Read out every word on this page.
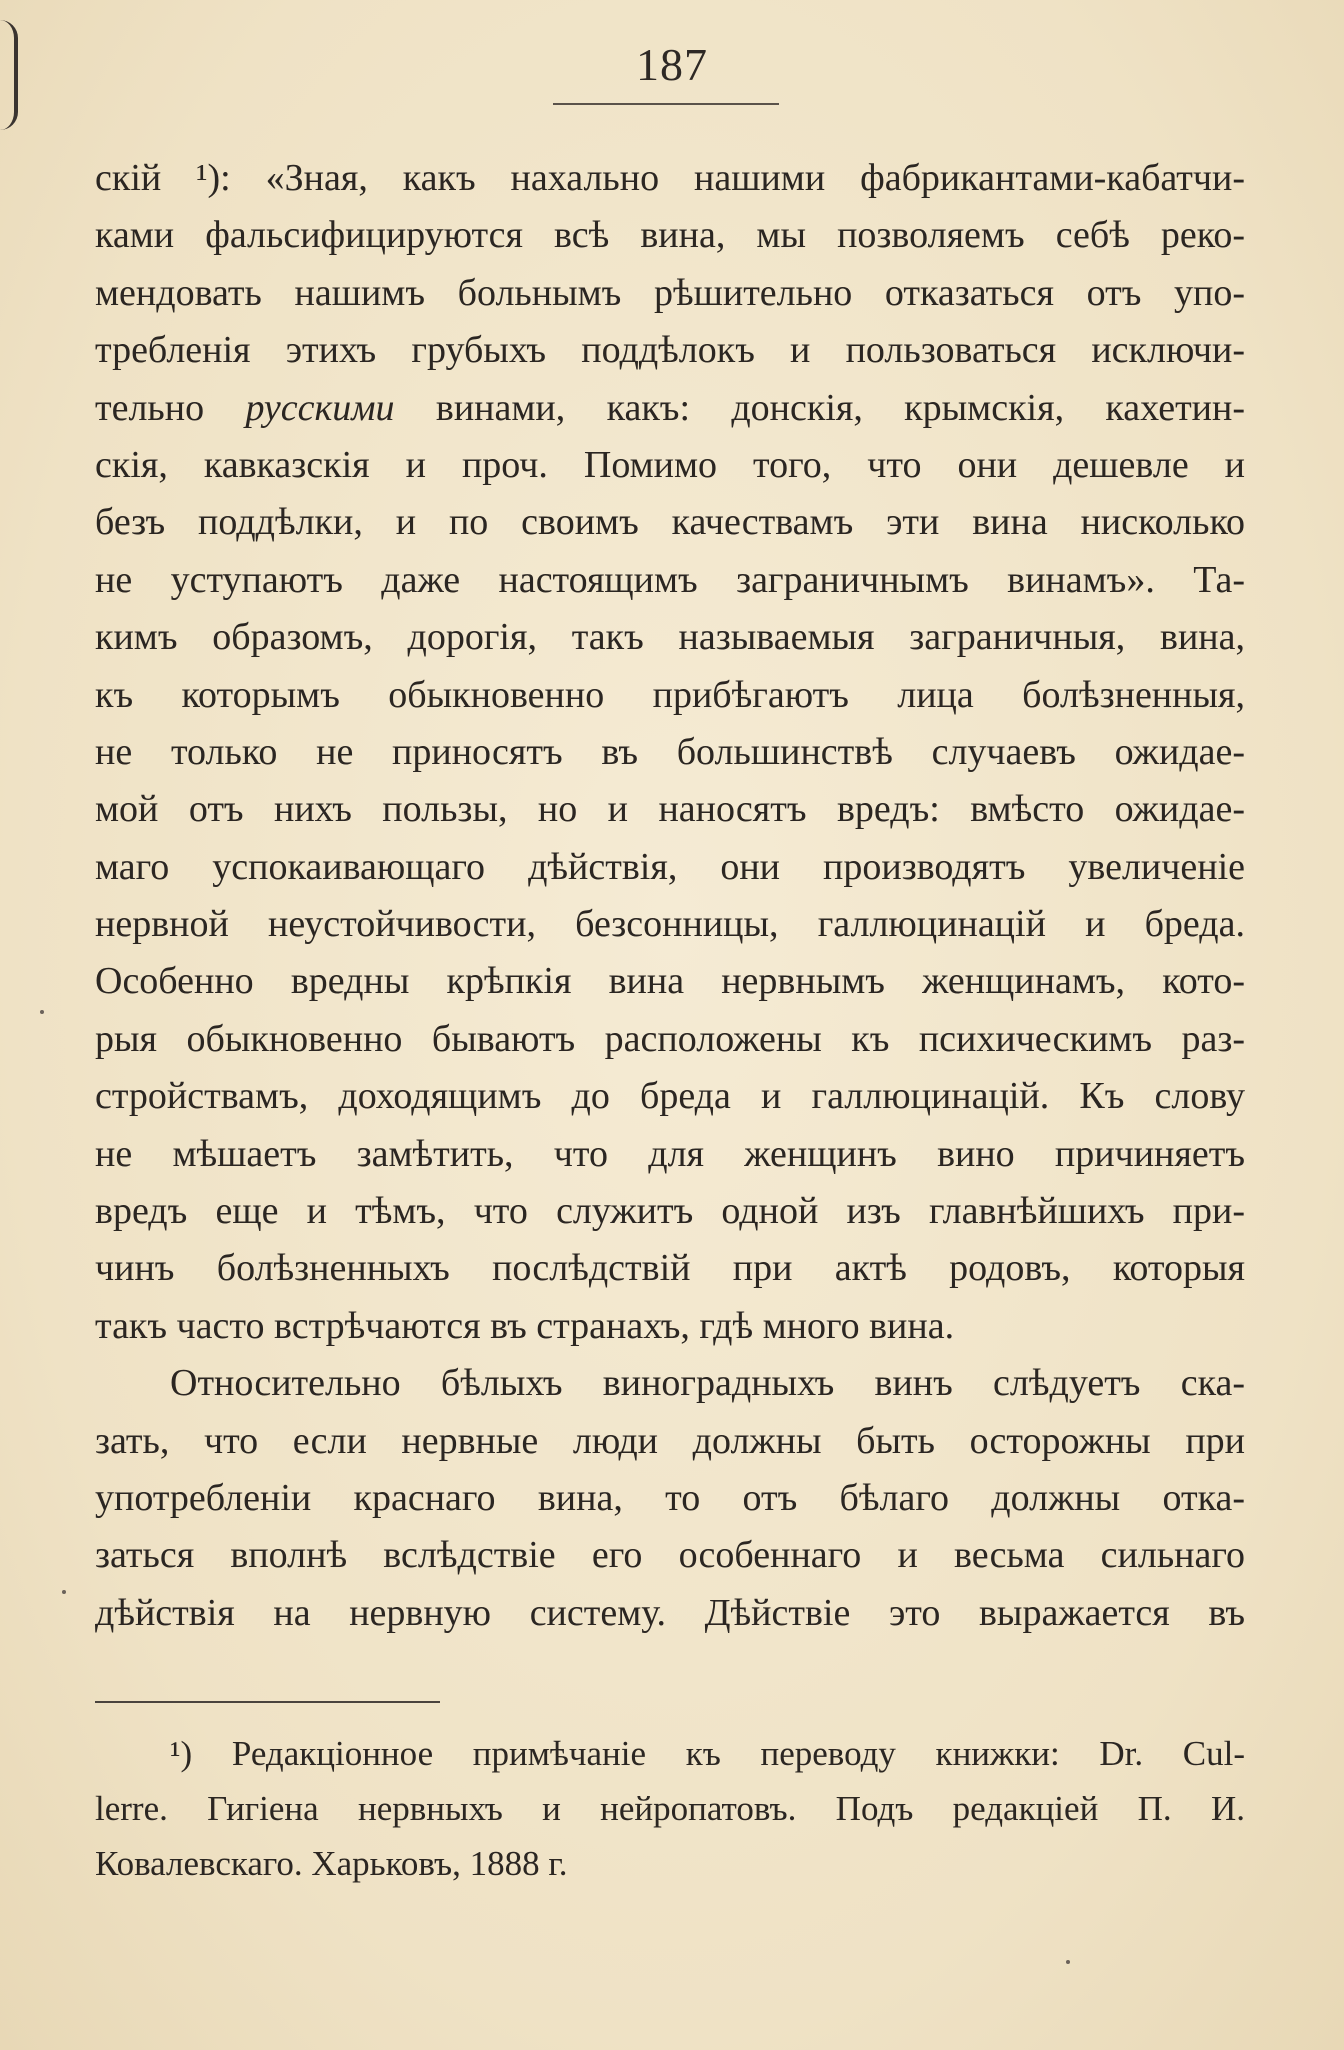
187
скій ¹): «Зная, какъ нахально нашими фабрикантами-кабатчи-
ками фальсифицируются всѣ вина, мы позволяемъ себѣ реко-
мендовать нашимъ больнымъ рѣшительно отказаться отъ упо-
требленія этихъ грубыхъ поддѣлокъ и пользоваться исключи-
тельно русскими винами, какъ: донскія, крымскія, кахетин-
скія, кавказскія и проч. Помимо того, что они дешевле и
безъ поддѣлки, и по своимъ качествамъ эти вина нисколько
не уступаютъ даже настоящимъ заграничнымъ винамъ». Та-
кимъ образомъ, дорогія, такъ называемыя заграничныя, вина,
къ которымъ обыкновенно прибѣгаютъ лица болѣзненныя,
не только не приносятъ въ большинствѣ случаевъ ожидае-
мой отъ нихъ пользы, но и наносятъ вредъ: вмѣсто ожидае-
маго успокаивающаго дѣйствія, они производятъ увеличеніе
нервной неустойчивости, безсонницы, галлюцинацій и бреда.
Особенно вредны крѣпкія вина нервнымъ женщинамъ, кото-
рыя обыкновенно бываютъ расположены къ психическимъ раз-
стройствамъ, доходящимъ до бреда и галлюцинацій. Къ слову
не мѣшаетъ замѣтить, что для женщинъ вино причиняетъ
вредъ еще и тѣмъ, что служитъ одной изъ главнѣйшихъ при-
чинъ болѣзненныхъ послѣдствій при актѣ родовъ, которыя
такъ часто встрѣчаются въ странахъ, гдѣ много вина.
Относительно бѣлыхъ виноградныхъ винъ слѣдуетъ ска-
зать, что если нервные люди должны быть осторожны при
употребленіи краснаго вина, то отъ бѣлаго должны отка-
заться вполнѣ вслѣдствіе его особеннаго и весьма сильнаго
дѣйствія на нервную систему. Дѣйствіе это выражается въ
¹) Редакціонное примѣчаніе къ переводу книжки: Dr. Cul-
lerre. Гигіена нервныхъ и нейропатовъ. Подъ редакціей П. И.
Ковалевскаго. Харьковъ, 1888 г.
